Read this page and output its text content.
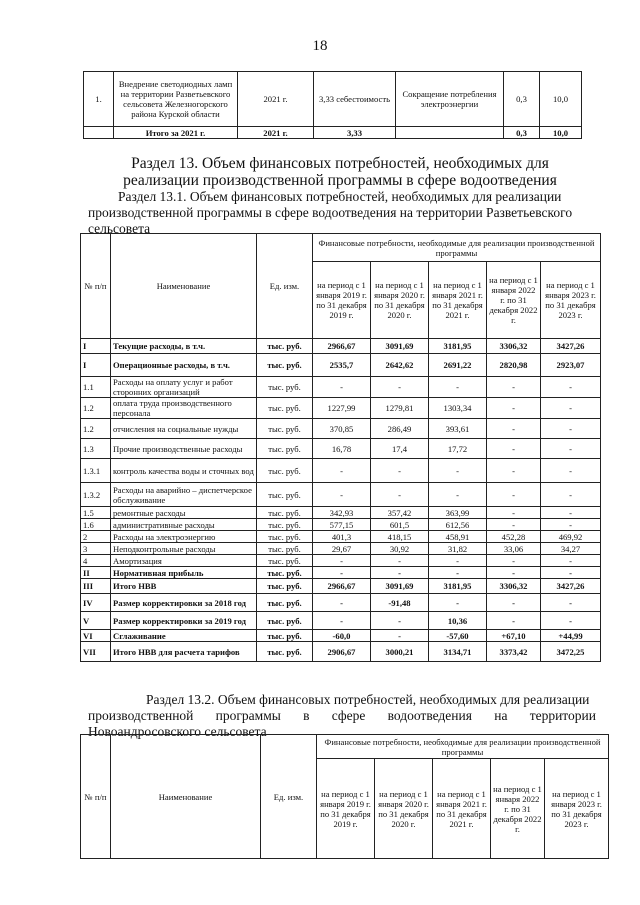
18
1.	Внедрение светодиодных ламп на территории Разветьевского сельсовета Железногорского района Курской области	2021 г.	3,33 себестоимость	Сокращение потребления электроэнергии	0,3	10,0
	Итого за 2021 г.	2021 г.	3,33		0,3	10,0
Раздел 13. Объем финансовых потребностей, необходимых для
реализации производственной программы в сфере водоотведения
Раздел 13.1. Объем финансовых потребностей, необходимых для реализации
производственной программы в сфере водоотведения на территории Разветьевского
сельсовета
№ п/п	Наименование	Ед. изм.	Финансовые потребности, необходимые для реализации производственной программы				
			на период с 1 января 2019 г. по 31 декабря 2019 г.	на период с 1 января 2020 г. по 31 декабря 2020 г.	на период с 1 января 2021 г. по 31 декабря 2021 г.	на период с 1 января 2022 г. по 31 декабря 2022 г.	на период с 1 января 2023 г. по 31 декабря 2023 г.
I	Текущие расходы, в т.ч.	тыс. руб.	2966,67	3091,69	3181,95	3306,32	3427,26
I	Операционные расходы, в т.ч.	тыс. руб.	2535,7	2642,62	2691,22	2820,98	2923,07
1.1	Расходы на оплату услуг и работ сторонних организаций	тыс. руб.	-	-	-	-	-
1.2	оплата труда производственного персонала	тыс. руб.	1227,99	1279,81	1303,34	-	-
1.2	отчисления на социальные нужды	тыс. руб.	370,85	286,49	393,61	-	-
1.3	Прочие производственные расходы	тыс. руб.	16,78	17,4	17,72	-	-
1.3.1	контроль качества воды и сточных вод	тыс. руб.	-	-	-	-	-
1.3.2	Расходы на аварийно – диспетчерское обслуживание	тыс. руб.	-	-	-	-	-
1.5	ремонтные расходы	тыс. руб.	342,93	357,42	363,99	-	-
1.6	административные расходы	тыс. руб.	577,15	601,5	612,56	-	-
2	Расходы на электроэнергию	тыс. руб.	401,3	418,15	458,91	452,28	469,92
3	Неподконтрольные расходы	тыс. руб.	29,67	30,92	31,82	33,06	34,27
4	Амортизация	тыс. руб.	-	-	-	-	-
II	Нормативная прибыль	тыс. руб.	-	-	-	-	-
III	Итого НВВ	тыс. руб.	2966,67	3091,69	3181,95	3306,32	3427,26
IV	Размер корректировки за 2018 год	тыс. руб.	-	-91,48	-	-	-
V	Размер корректировки за 2019 год	тыс. руб.	-	-	10,36	-	-
VI	Сглаживание	тыс. руб.	-60,0	-	-57,60	+67,10	+44,99
VII	Итого НВВ для расчета тарифов	тыс. руб.	2906,67	3000,21	3134,71	3373,42	3472,25
Раздел 13.2. Объем финансовых потребностей, необходимых для реализации
производственной программы в сфере водоотведения на территории
Новоандросовского сельсовета
№ п/п	Наименование	Ед. изм.	Финансовые потребности, необходимые для реализации производственной программы				
			на период с 1 января 2019 г. по 31 декабря 2019 г.	на период с 1 января 2020 г. по 31 декабря 2020 г.	на период с 1 января 2021 г. по 31 декабря 2021 г.	на период с 1 января 2022 г. по 31 декабря 2022 г.	на период с 1 января 2023 г. по 31 декабря 2023 г.
